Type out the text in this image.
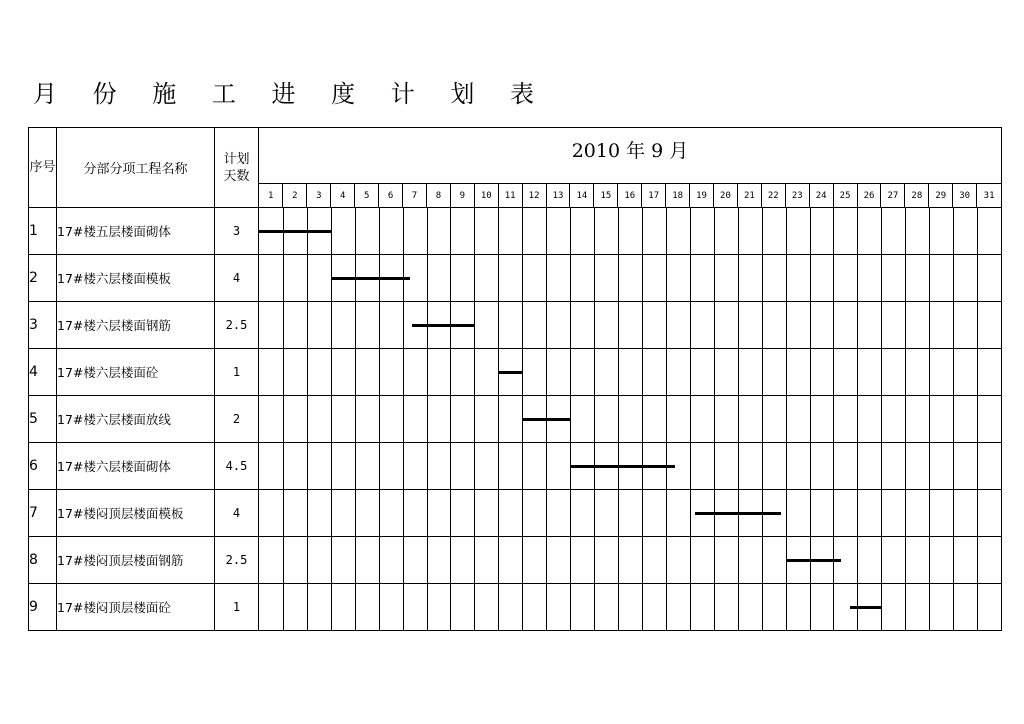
月 份 施 工 进 度 计 划 表
序号	分部分项工程名称	计划
天数	
2010 年 9 月

1	2	3	4	5	6	7	8	9	10	11	12	13	14	15	16	17	18	19	20	21	22	23	24	25	26	27	28	29	30	31

1	17#楼五层楼面砌体	3	

2	17#楼六层楼面模板	4	

3	17#楼六层楼面钢筋	2.5	

4	17#楼六层楼面砼	1	

5	17#楼六层楼面放线	2	

6	17#楼六层楼面砌体	4.5	

7	17#楼闷顶层楼面模板	4	

8	17#楼闷顶层楼面钢筋	2.5	

9	17#楼闷顶层楼面砼	1	
